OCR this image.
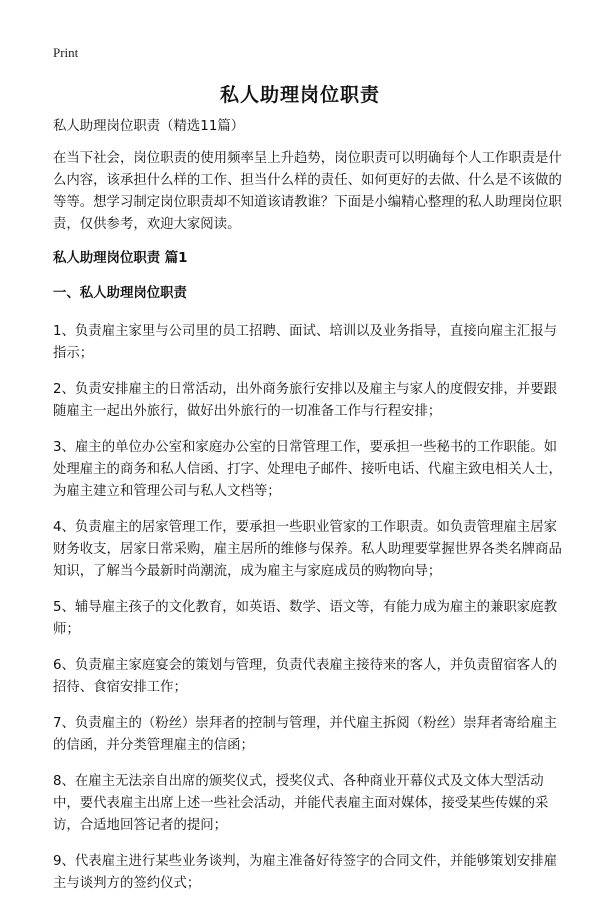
Print
私人助理岗位职责

私人助理岗位职责（精选11篇）

在当下社会，岗位职责的使用频率呈上升趋势，岗位职责可以明确每个人工作职责是什么内容，该承担什么样的工作、担当什么样的责任、如何更好的去做、什么是不该做的等等。想学习制定岗位职责却不知道该请教谁？下面是小编精心整理的私人助理岗位职责，仅供参考，欢迎大家阅读。

私人助理岗位职责 篇1

一、私人助理岗位职责

1、负责雇主家里与公司里的员工招聘、面试、培训以及业务指导，直接向雇主汇报与指示；

2、负责安排雇主的日常活动，出外商务旅行安排以及雇主与家人的度假安排，并要跟随雇主一起出外旅行，做好出外旅行的一切准备工作与行程安排；

3、雇主的单位办公室和家庭办公室的日常管理工作，要承担一些秘书的工作职能。如处理雇主的商务和私人信函、打字、处理电子邮件、接听电话、代雇主致电相关人士，为雇主建立和管理公司与私人文档等；

4、负责雇主的居家管理工作，要承担一些职业管家的工作职责。如负责管理雇主居家财务收支，居家日常采购，雇主居所的维修与保养。私人助理要掌握世界各类名牌商品知识，了解当今最新时尚潮流，成为雇主与家庭成员的购物向导；

5、辅导雇主孩子的文化教育，如英语、数学、语文等，有能力成为雇主的兼职家庭教师；

6、负责雇主家庭宴会的策划与管理，负责代表雇主接待来的客人，并负责留宿客人的招待、食宿安排工作；

7、负责雇主的（粉丝）崇拜者的控制与管理，并代雇主拆阅（粉丝）崇拜者寄给雇主的信函，并分类管理雇主的信函；

8、在雇主无法亲自出席的颁奖仪式，授奖仪式、各种商业开幕仪式及文体大型活动中，要代表雇主出席上述一些社会活动，并能代表雇主面对媒体，接受某些传媒的采访，合适地回答记者的提问；

9、代表雇主进行某些业务谈判，为雇主准备好待签字的合同文件，并能够策划安排雇主与谈判方的签约仪式；
